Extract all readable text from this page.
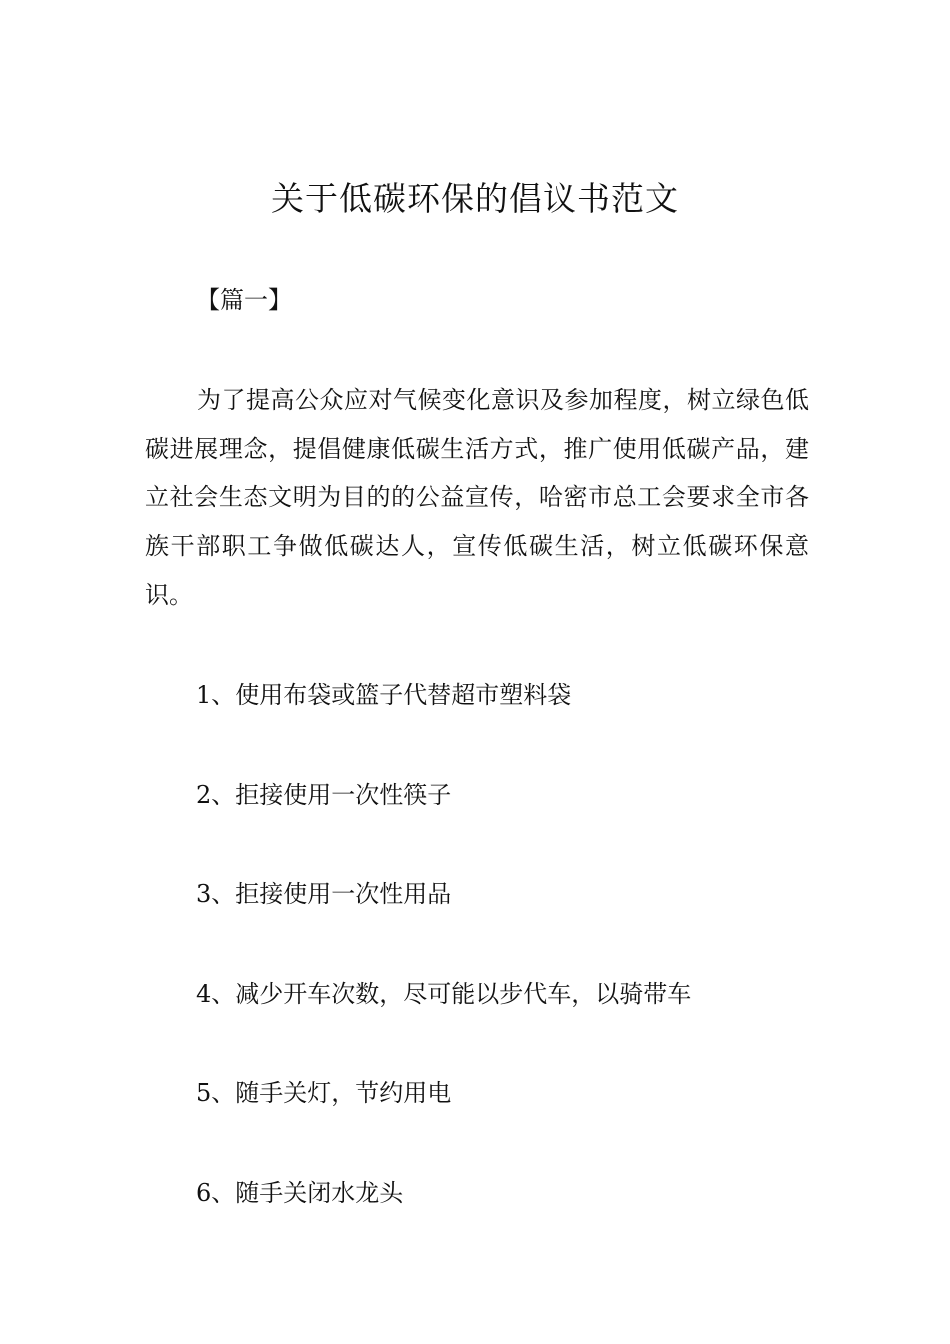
关于低碳环保的倡议书范文

【篇一】

为了提高公众应对气候变化意识及参加程度，树立绿色低碳进展理念，提倡健康低碳生活方式，推广使用低碳产品，建立社会生态文明为目的的公益宣传，哈密市总工会要求全市各族干部职工争做低碳达人，宣传低碳生活，树立低碳环保意识。

1、使用布袋或篮子代替超市塑料袋

2、拒接使用一次性筷子

3、拒接使用一次性用品

4、减少开车次数，尽可能以步代车，以骑带车

5、随手关灯，节约用电

6、随手关闭水龙头
